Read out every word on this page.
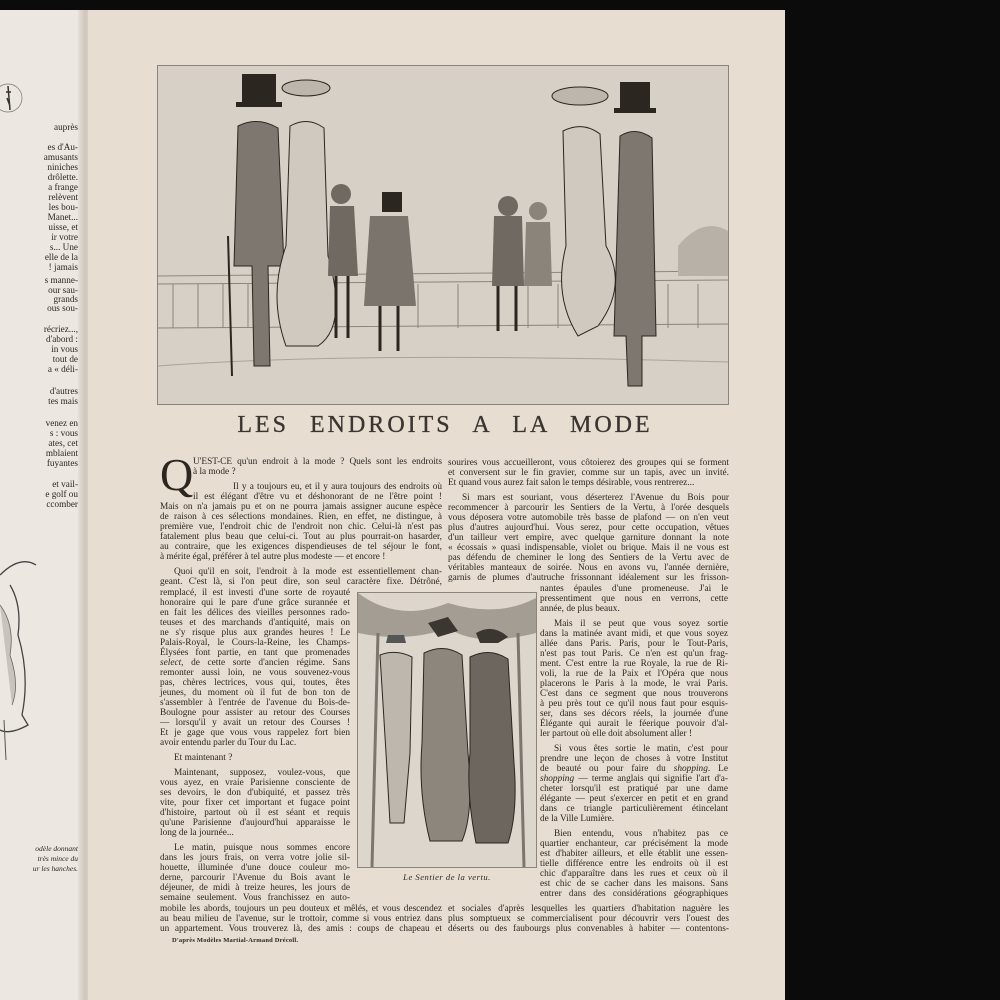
auprès
es d'Au-
amusants
niniches
drôlette.
a frange
relèvent
les bou-
Manet...
uisse, et
ir votre
s... Une
elle de la
! jamais
s manne-
our sau-
grands
ous sou-
récriez...,
d'abord :
in vous
tout de
a « déli-
d'autres
tes mais
venez en
s : vous
ates, cet
mblaient
fuyantes
et vail-
e golf ou
ccomber
odèle donnant
très mince du
ur les hanches.
LES ENDROITS A LA MODE
Q U'EST-CE qu'un endroit à la mode ? Quels sont les endroits
à la mode ?
Il y a toujours eu, et il y aura toujours des endroits où
il est élégant d'être vu et déshonorant de ne l'être point !
Mais on n'a jamais pu et on ne pourra jamais assigner aucune espèce
de raison à ces sélections mondaines. Rien, en effet, ne distingue, à
première vue, l'endroit chic de l'endroit non chic. Celui-là n'est pas
fatalement plus beau que celui-ci. Tout au plus pourrait-on hasarder,
au contraire, que les exigences dispendieuses de tel séjour le font,
à mérite égal, préférer à tel autre plus modeste — et encore !
Quoi qu'il en soit, l'endroit à la mode est essentiellement chan-
geant. C'est là, si l'on peut dire, son seul caractère fixe. Détrôné,
sourires vous accueilleront, vous côtoierez des groupes qui se forment
et conversent sur le fin gravier, comme sur un tapis, avec un invité.
Et quand vous aurez fait salon le temps désirable, vous rentrerez...
Si mars est souriant, vous déserterez l'Avenue du Bois pour
recommencer à parcourir les Sentiers de la Vertu, à l'orée desquels
vous déposera votre automobile très basse de plafond — on n'en veut
plus d'autres aujourd'hui. Vous serez, pour cette occupation, vêtues
d'un tailleur vert empire, avec quelque garniture donnant la note
« écossais » quasi indispensable, violet ou brique. Mais il ne vous est
pas défendu de cheminer le long des Sentiers de la Vertu avec de
véritables manteaux de soirée. Nous en avons vu, l'année dernière,
garnis de plumes d'autruche frissonnant idéalement sur les frisson-
remplacé, il est investi d'une sorte de royauté
honoraire qui le pare d'une grâce surannée et
en fait les délices des vieilles personnes rado-
teuses et des marchands d'antiquité, mais on
ne s'y risque plus aux grandes heures ! Le
Palais-Royal, le Cours-la-Reine, les Champs-
Élysées font partie, en tant que promenades
select, de cette sorte d'ancien régime. Sans
remonter aussi loin, ne vous souvenez-vous
pas, chères lectrices, vous qui, toutes, êtes
jeunes, du moment où il fut de bon ton de
s'assembler à l'entrée de l'avenue du Bois-de-
Boulogne pour assister au retour des Courses
— lorsqu'il y avait un retour des Courses !
Et je gage que vous vous rappelez fort bien
avoir entendu parler du Tour du Lac.
Et maintenant ?
Maintenant, supposez, voulez-vous, que
vous ayez, en vraie Parisienne consciente de
ses devoirs, le don d'ubiquité, et passez très
vite, pour fixer cet important et fugace point
d'histoire, partout où il est séant et requis
qu'une Parisienne d'aujourd'hui apparaisse le
long de la journée...
Le matin, puisque nous sommes encore
dans les jours frais, on verra votre jolie sil-
houette, illuminée d'une douce couleur mo-
derne, parcourir l'Avenue du Bois avant le
déjeuner, de midi à treize heures, les jours de
semaine seulement. Vous franchissez en auto-
nantes épaules d'une promeneuse. J'ai le
pressentiment que nous en verrons, cette
année, de plus beaux.
Mais il se peut que vous soyez sortie
dans la matinée avant midi, et que vous soyez
allée dans Paris. Paris, pour le Tout-Paris,
n'est pas tout Paris. Ce n'en est qu'un frag-
ment. C'est entre la rue Royale, la rue de Ri-
voli, la rue de la Paix et l'Opéra que nous
placerons le Paris à la mode, le vrai Paris.
C'est dans ce segment que nous trouverons
à peu près tout ce qu'il nous faut pour esquis-
ser, dans ses décors réels, la journée d'une
Élégante qui aurait le féerique pouvoir d'al-
ler partout où elle doit absolument aller !
Si vous êtes sortie le matin, c'est pour
prendre une leçon de choses à votre Institut
de beauté ou pour faire du shopping. Le
shopping — terme anglais qui signifie l'art d'a-
cheter lorsqu'il est pratiqué par une dame
élégante — peut s'exercer en petit et en grand
dans ce triangle particulièrement étincelant
de la Ville Lumière.
Bien entendu, vous n'habitez pas ce
quartier enchanteur, car précisément la mode
est d'habiter ailleurs, et elle établit une essen-
tielle différence entre les endroits où il est
chic d'apparaître dans les rues et ceux où il
est chic de se cacher dans les maisons. Sans
entrer dans des considérations géographiques
mobile les abords, toujours un peu douteux et mêlés, et vous descendez
au beau milieu de l'avenue, sur le trottoir, comme si vous entriez dans
un appartement. Vous trouverez là, des amis : coups de chapeau et
et sociales d'après lesquelles les quartiers d'habitation naguère les
plus somptueux se commercialisent pour découvrir vers l'ouest des
déserts ou des faubourgs plus convenables à habiter — contentons-
Le Sentier de la vertu.
D'après Modèles Martial-Armand Drécoll.
